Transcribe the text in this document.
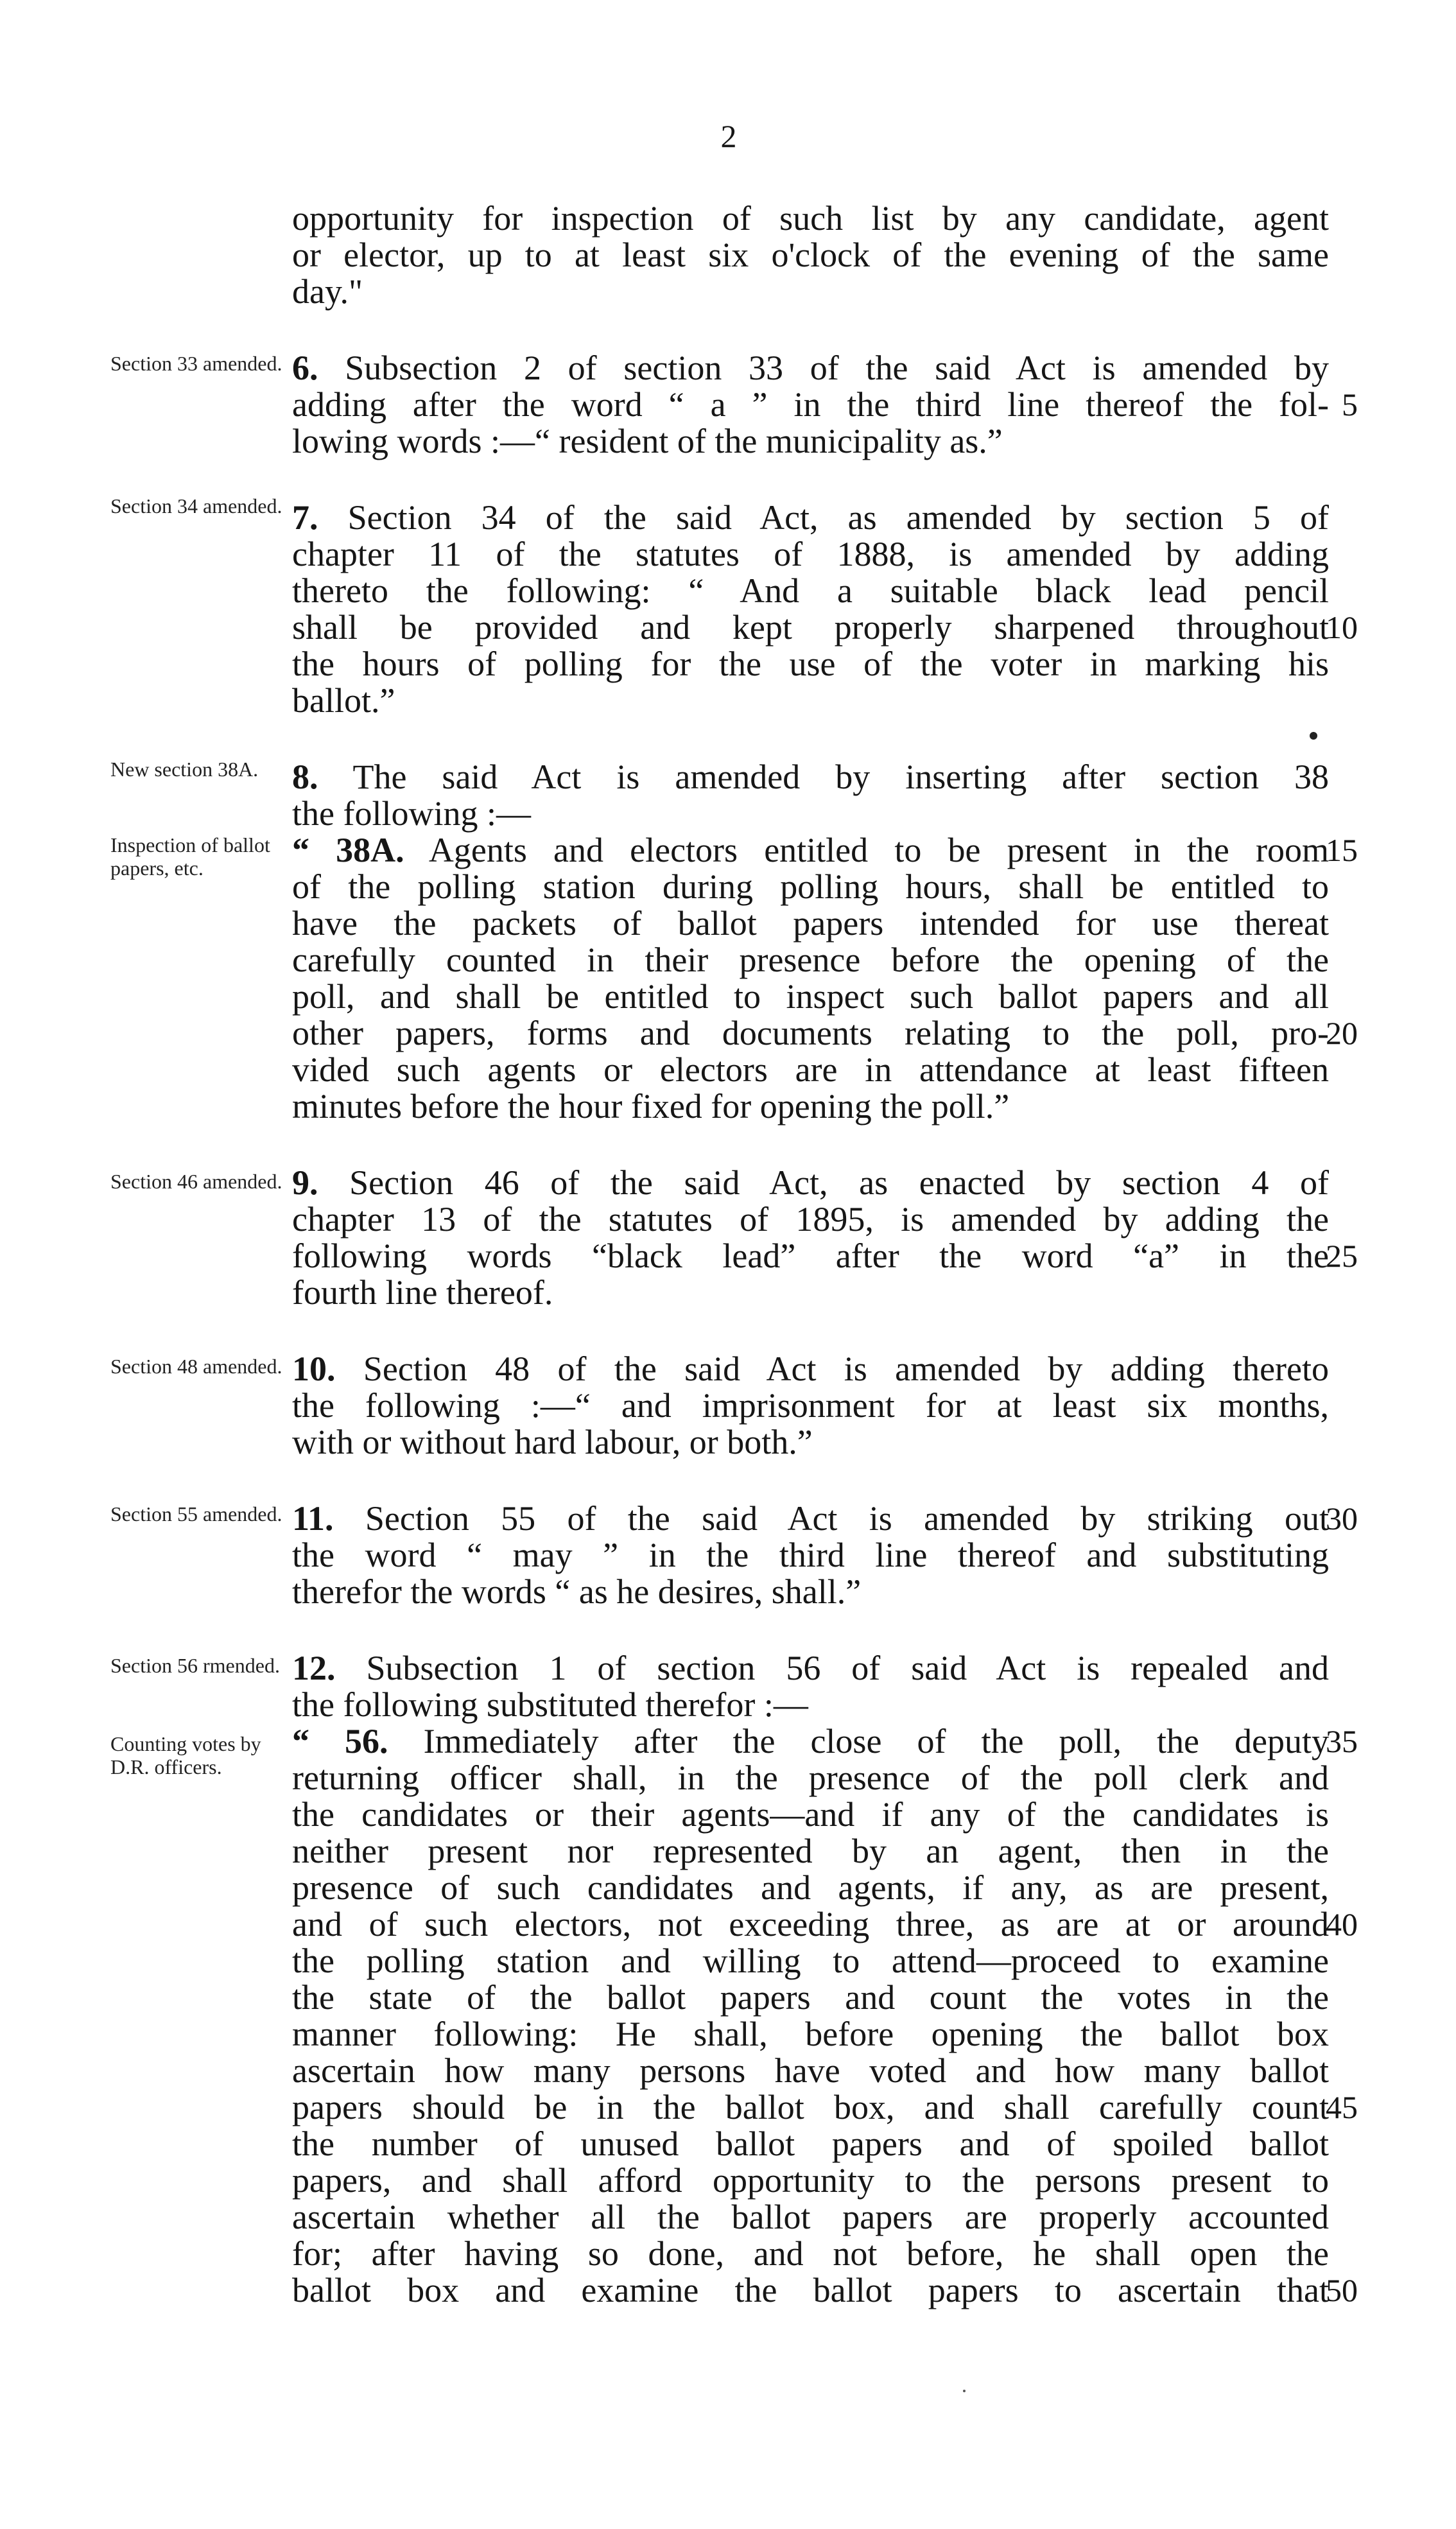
2
Section 33 amended.
Section 34 amended.
New section 38A.
Inspection of ballot papers, etc.
Section 46 amended.
Section 48 amended.
Section 55 amended.
Section 56 rmended.
Counting votes by D.R. officers.
opportunity for inspection of such list by any candidate, agent
or elector, up to at least six o'clock of the evening of the same
day."
6. Subsection 2 of section 33 of the said Act is amended by
adding after the word “ a ” in the third line thereof the fol- 5
lowing words :—“ resident of the municipality as.”
7. Section 34 of the said Act, as amended by section 5 of
chapter 11 of the statutes of 1888, is amended by adding
thereto the following: “ And a suitable black lead pencil
shall be provided and kept properly sharpened throughout
10
the hours of polling for the use of the voter in marking his
ballot.”
8. The said Act is amended by inserting after section 38
the following :—
“ 38A. Agents and electors entitled to be present in the room
15
of the polling station during polling hours, shall be entitled to
have the packets of ballot papers intended for use thereat
carefully counted in their presence before the opening of the
poll, and shall be entitled to inspect such ballot papers and all
other papers, forms and documents relating to the poll, pro-
20
vided such agents or electors are in attendance at least fifteen
minutes before the hour fixed for opening the poll.”
9. Section 46 of the said Act, as enacted by section 4 of
chapter 13 of the statutes of 1895, is amended by adding the
following words “black lead” after the word “a” in the
25
fourth line thereof.
10. Section 48 of the said Act is amended by adding thereto
the following :—“ and imprisonment for at least six months,
with or without hard labour, or both.”
11. Section 55 of the said Act is amended by striking out
30
the word “ may ” in the third line thereof and substituting
therefor the words “ as he desires, shall.”
12. Subsection 1 of section 56 of said Act is repealed and
the following substituted therefor :—
“ 56. Immediately after the close of the poll, the deputy
35
returning officer shall, in the presence of the poll clerk and
the candidates or their agents—and if any of the candidates is
neither present nor represented by an agent, then in the
presence of such candidates and agents, if any, as are present,
and of such electors, not exceeding three, as are at or around
40
the polling station and willing to attend—proceed to examine
the state of the ballot papers and count the votes in the
manner following: He shall, before opening the ballot box
ascertain how many persons have voted and how many ballot
papers should be in the ballot box, and shall carefully count
45
the number of unused ballot papers and of spoiled ballot
papers, and shall afford opportunity to the persons present to
ascertain whether all the ballot papers are properly accounted
for; after having so done, and not before, he shall open the
ballot box and examine the ballot papers to ascertain that
50
